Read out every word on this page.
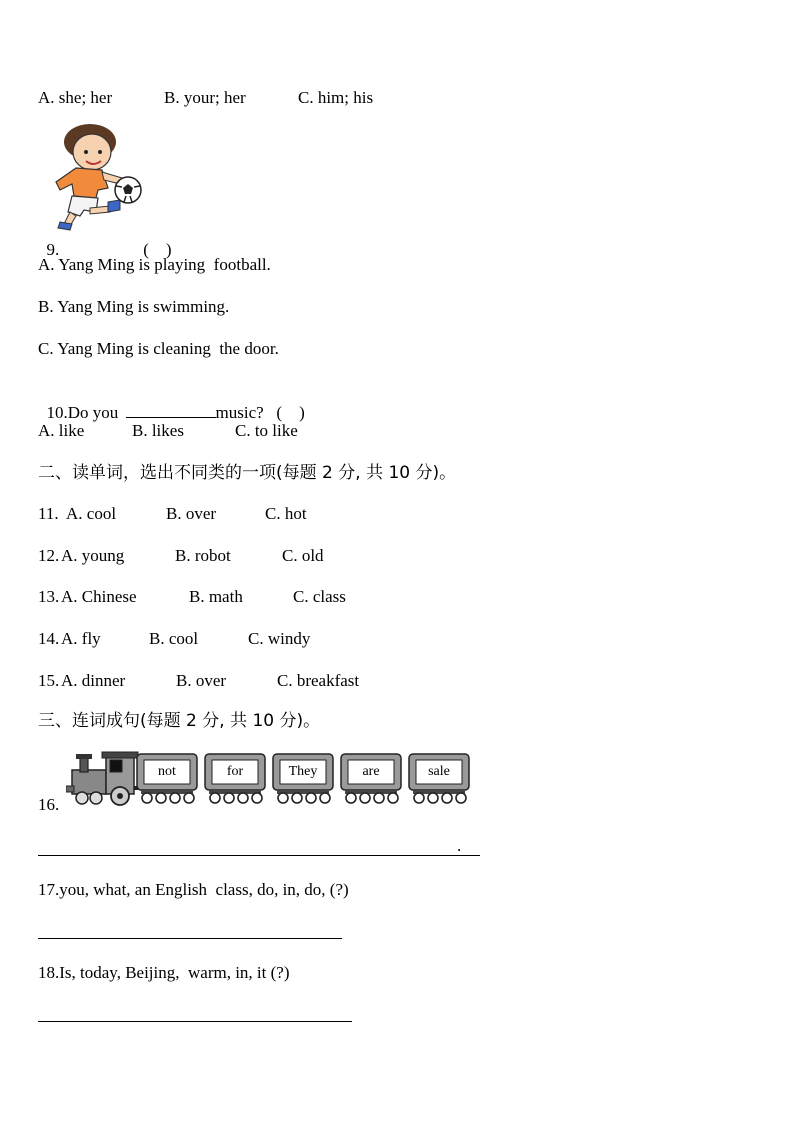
A. she; her	B. your; her	C. him; his

9.	(    )

A. Yang Ming is playing  football.
B. Yang Ming is swimming.
C. Yang Ming is cleaning  the door.

10.Do you	music?   (    )

A. like	B. likes	C. to like
二、读单词，选出不同类的一项(每题 2 分, 共 10 分)。
11. A. cool	B. over	C. hot
12. A. young	B. robot	C. old
13. A. Chinese	B. math	C. class
14. A. fly	B. cool	C. windy
15. A. dinner	B. over	C. breakfast
三、连词成句(每题 2 分, 共 10 分)。
16.
not	for	They	are	sale
.
17.you, what, an English  class, do, in, do, (?)
18.Is, today, Beijing,  warm, in, it (?)
